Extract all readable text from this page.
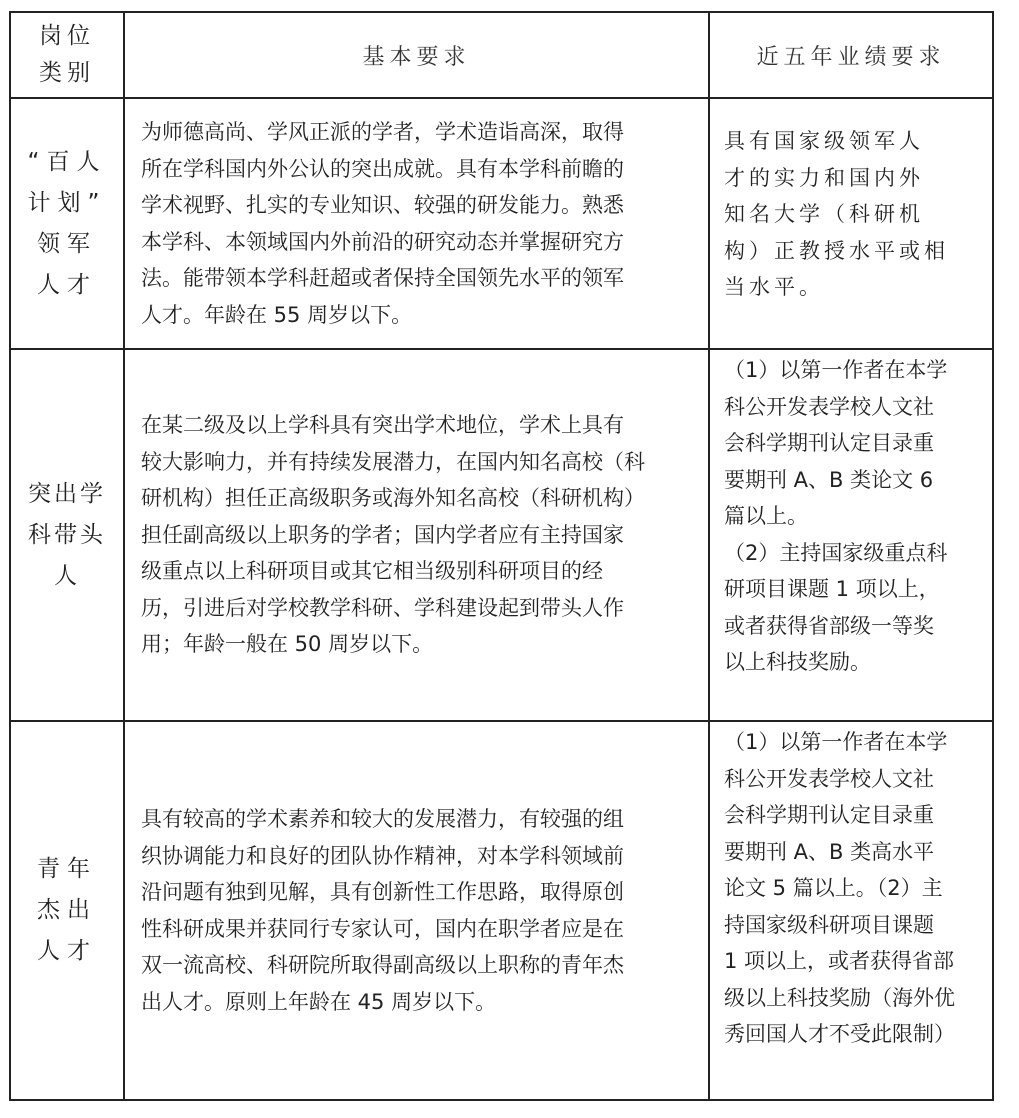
岗位
类别
基本要求	近五年业绩要求
“百人
计划”
领军
人才
为师德高尚、学风正派的学者，学术造诣高深，取得
所在学科国内外公认的突出成就。具有本学科前瞻的
学术视野、扎实的专业知识、较强的研发能力。熟悉
本学科、本领域国内外前沿的研究动态并掌握研究方
法。能带领本学科赶超或者保持全国领先水平的领军
人才。年龄在 55 周岁以下。
具有国家级领军人
才的实力和国内外
知名大学（科研机
构）正教授水平或相
当水平。
突出学
科带头
人
在某二级及以上学科具有突出学术地位，学术上具有
较大影响力，并有持续发展潜力，在国内知名高校（科
研机构）担任正高级职务或海外知名高校（科研机构）
担任副高级以上职务的学者；国内学者应有主持国家
级重点以上科研项目或其它相当级别科研项目的经
历，引进后对学校教学科研、学科建设起到带头人作
用；年龄一般在 50 周岁以下。
（1）以第一作者在本学
科公开发表学校人文社
会科学期刊认定目录重
要期刊 A、B 类论文 6
篇以上。
（2）主持国家级重点科
研项目课题 1 项以上，
或者获得省部级一等奖
以上科技奖励。
青年
杰出
人才
具有较高的学术素养和较大的发展潜力，有较强的组
织协调能力和良好的团队协作精神，对本学科领域前
沿问题有独到见解，具有创新性工作思路，取得原创
性科研成果并获同行专家认可，国内在职学者应是在
双一流高校、科研院所取得副高级以上职称的青年杰
出人才。原则上年龄在 45 周岁以下。
（1）以第一作者在本学
科公开发表学校人文社
会科学期刊认定目录重
要期刊 A、B 类高水平
论文 5 篇以上。（2）主
持国家级科研项目课题
1 项以上，或者获得省部
级以上科技奖励（海外优
秀回国人才不受此限制）
